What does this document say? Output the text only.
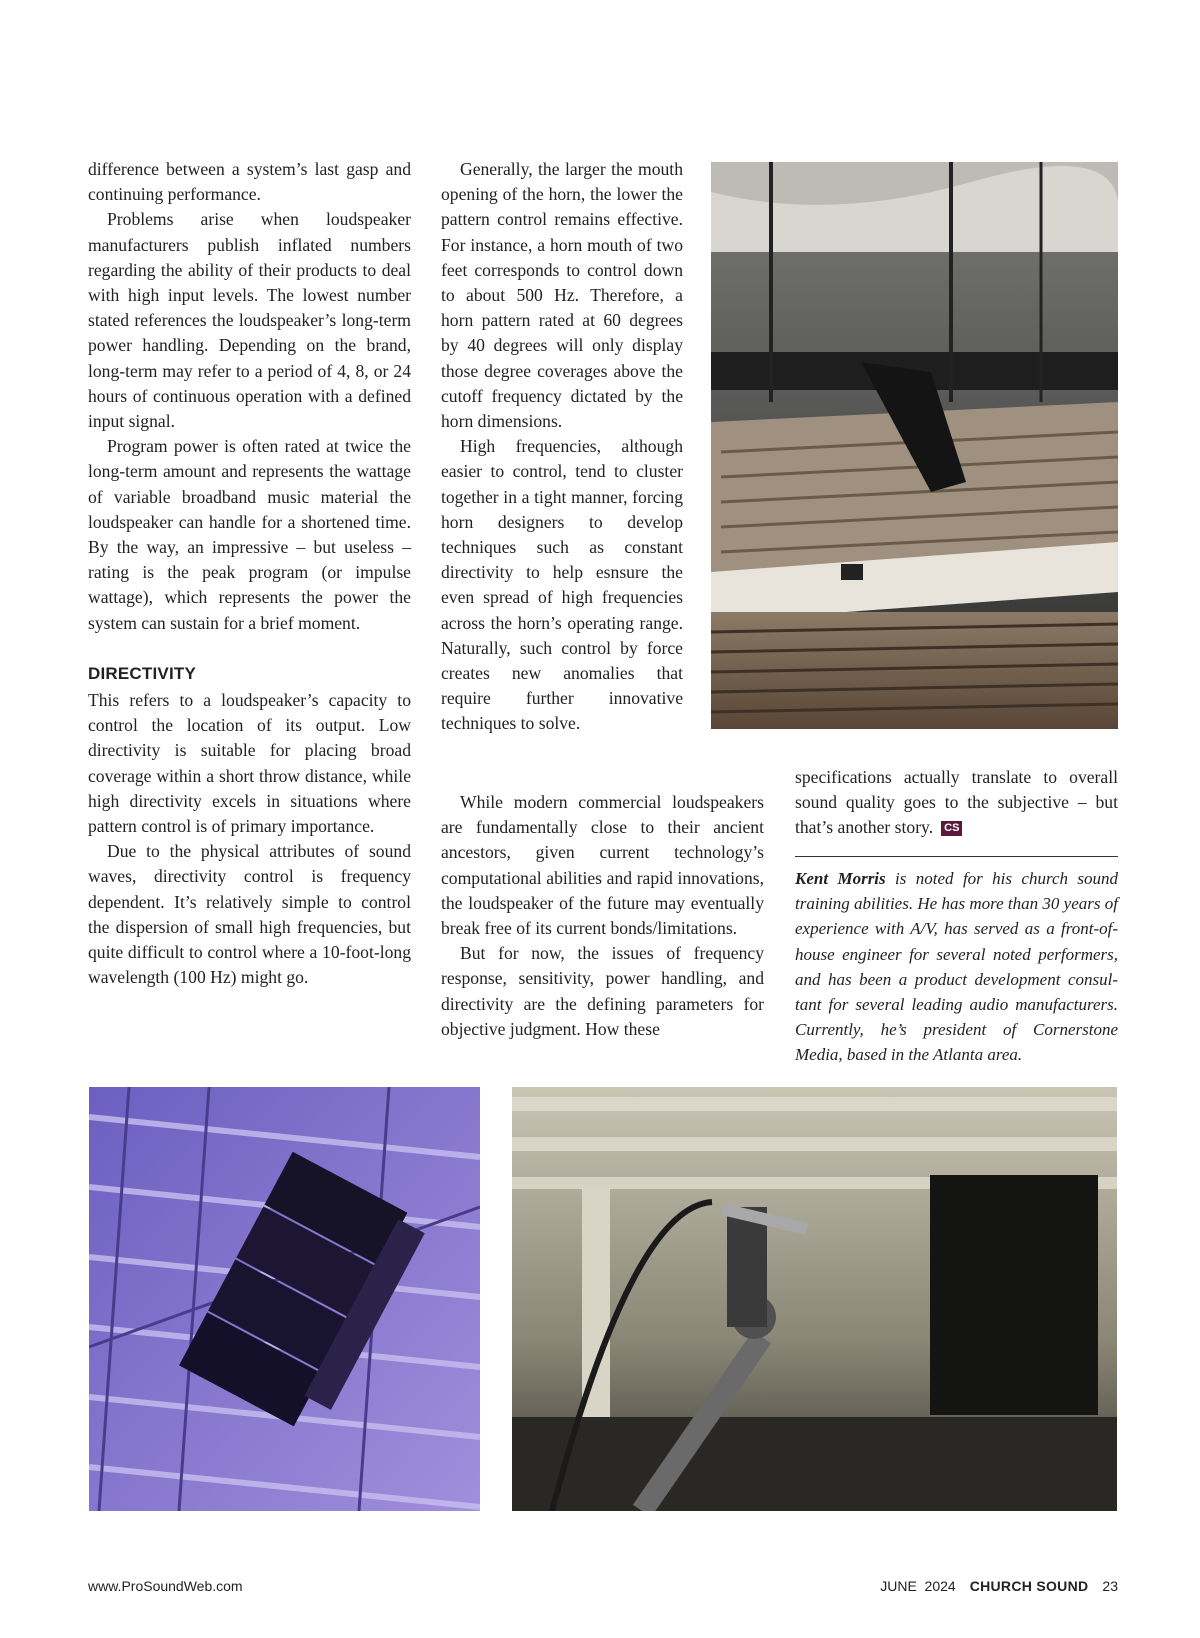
difference between a system’s last gasp and continuing performance.

Problems arise when loudspeaker manufacturers publish inflated numbers regarding the ability of their products to deal with high input levels. The lowest number stated references the loudspeaker’s long-term power handling. Depending on the brand, long-term may refer to a period of 4, 8, or 24 hours of continuous operation with a defined input signal.

Program power is often rated at twice the long-term amount and represents the wattage of variable broadband music material the loudspeaker can handle for a shortened time. By the way, an impressive – but useless – rating is the peak program (or impulse wattage), which represents the power the system can sustain for a brief moment.

DIRECTIVITY

This refers to a loudspeaker’s capacity to control the location of its output. Low directivity is suitable for placing broad coverage within a short throw distance, while high directivity excels in situations where pattern control is of primary importance.

Due to the physical attributes of sound waves, directivity control is frequency dependent. It’s relatively simple to control the dispersion of small high frequencies, but quite difficult to control where a 10-foot-long wavelength (100 Hz) might go.

Generally, the larger the mouth opening of the horn, the lower the pattern control remains effective. For instance, a horn mouth of two feet corresponds to control down to about 500 Hz. Therefore, a horn pattern rated at 60 degrees by 40 degrees will only display those degree coverages above the cutoff frequency dictated by the horn dimensions.

High frequencies, although easier to control, tend to cluster together in a tight manner, forcing horn designers to develop techniques such as constant directivity to help esnsure the even spread of high frequencies across the horn’s operating range. Naturally, such control by force creates new anomalies that require further innovative techniques to solve.

While modern commercial loudspeakers are fundamentally close to their ancient ancestors, given current technology’s computational abilities and rapid innovations, the loudspeaker of the future may eventually break free of its current bonds/limitations.

But for now, the issues of frequency response, sensitivity, power handling, and directivity are the defining parameters for objective judgment. How these

specifications actually translate to overall sound quality goes to the subjective – but that’s another story. CS

Kent Morris is noted for his church sound training abilities. He has more than 30 years of experience with A/V, has served as a front-of-house engineer for several noted performers, and has been a product development consultant for several leading audio manufacturers. Currently, he’s president of Cornerstone Media, based in the Atlanta area.
www.ProSoundWeb.com	JUNE  2024 CHURCH SOUND 23
